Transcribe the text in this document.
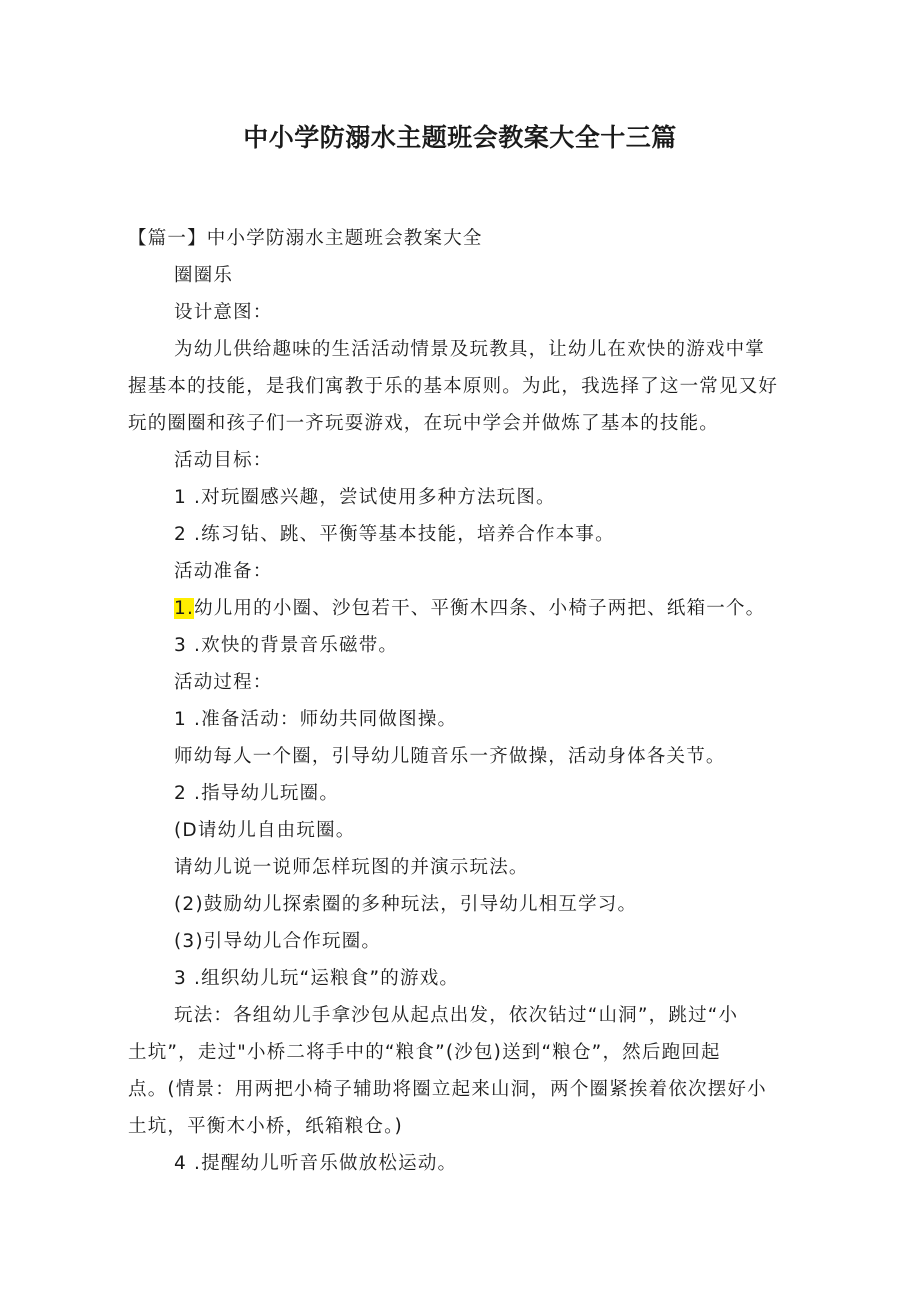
中小学防溺水主题班会教案大全十三篇
【篇一】中小学防溺水主题班会教案大全
圈圈乐
设计意图：
为幼儿供给趣味的生活活动情景及玩教具，让幼儿在欢快的游戏中掌
握基本的技能，是我们寓教于乐的基本原则。为此，我选择了这一常见又好
玩的圈圈和孩子们一齐玩耍游戏，在玩中学会并做炼了基本的技能。
活动目标：
1 .对玩圈感兴趣，尝试使用多种方法玩图。
2 .练习钻、跳、平衡等基本技能，培养合作本事。
活动准备：
1.幼儿用的小圈、沙包若干、平衡木四条、小椅子两把、纸箱一个。
3 .欢快的背景音乐磁带。
活动过程：
1 .准备活动：师幼共同做图操。
师幼每人一个圈，引导幼儿随音乐一齐做操，活动身体各关节。
2 .指导幼儿玩圈。
(D请幼儿自由玩圈。
请幼儿说一说师怎样玩图的并演示玩法。
(2)鼓励幼儿探索圈的多种玩法，引导幼儿相互学习。
(3)引导幼儿合作玩圈。
3 .组织幼儿玩“运粮食”的游戏。
玩法：各组幼儿手拿沙包从起点出发，依次钻过“山洞”，跳过“小
土坑”，走过"小桥二将手中的“粮食”(沙包)送到“粮仓”，然后跑回起
点。(情景：用两把小椅子辅助将圈立起来山洞，两个圈紧挨着依次摆好小
土坑，平衡木小桥，纸箱粮仓。)
4 .提醒幼儿听音乐做放松运动。
